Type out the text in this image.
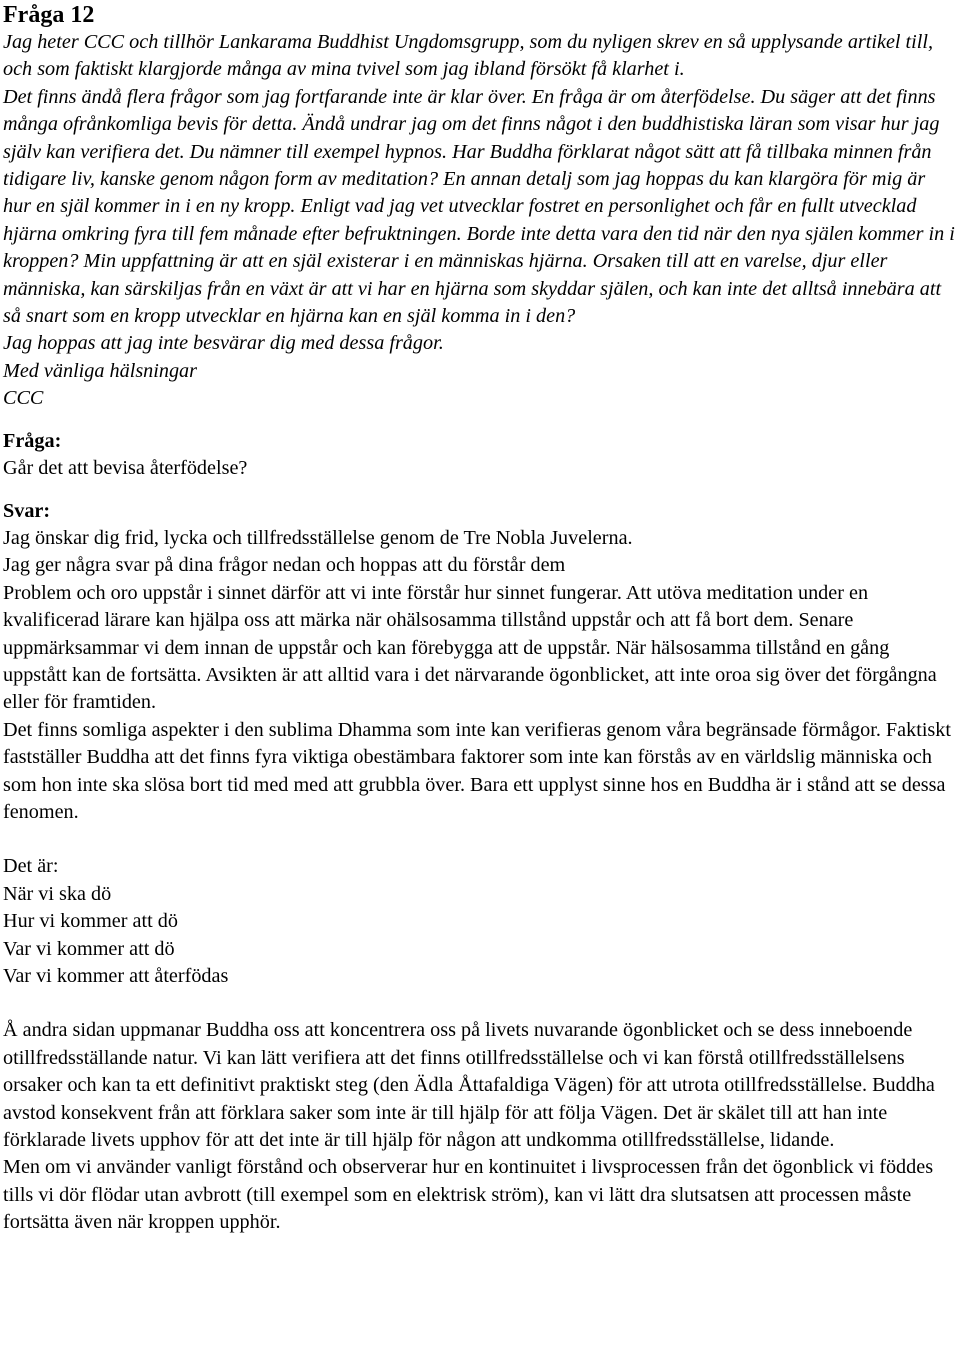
Fråga 12

Jag heter CCC och tillhör Lankarama Buddhist Ungdomsgrupp, som du nyligen skrev en så upplysande artikel till, och som faktiskt klargjorde många av mina tvivel som jag ibland försökt få klarhet i.

Det finns ändå flera frågor som jag fortfarande inte är klar över. En fråga är om återfödelse. Du säger att det finns många ofrånkomliga bevis för detta. Ändå undrar jag om det finns något i den buddhistiska läran som visar hur jag själv kan verifiera det. Du nämner till exempel hypnos. Har Buddha förklarat något sätt att få tillbaka minnen från tidigare liv, kanske genom någon form av meditation? En annan detalj som jag hoppas du kan klargöra för mig är hur en själ kommer in i en ny kropp. Enligt vad jag vet utvecklar fostret en personlighet och får en fullt utvecklad hjärna omkring fyra till fem månade efter befruktningen. Borde inte detta vara den tid när den nya själen kommer in i kroppen? Min uppfattning är att en själ existerar i en människas hjärna. Orsaken till att en varelse, djur eller människa, kan särskiljas från en växt är att vi har en hjärna som skyddar själen, och kan inte det alltså innebära att så snart som en kropp utvecklar en hjärna kan en själ komma in i den?

Jag hoppas att jag inte besvärar dig med dessa frågor.

Med vänliga hälsningar

CCC

Fråga:

Går det att bevisa återfödelse?

Svar:

Jag önskar dig frid, lycka och tillfredsställelse genom de Tre Nobla Juvelerna.

Jag ger några svar på dina frågor nedan och hoppas att du förstår dem

Problem och oro uppstår i sinnet därför att vi inte förstår hur sinnet fungerar. Att utöva meditation under en kvalificerad lärare kan hjälpa oss att märka när ohälsosamma tillstånd uppstår och att få bort dem. Senare uppmärksammar vi dem innan de uppstår och kan förebygga att de uppstår. När hälsosamma tillstånd en gång uppstått kan de fortsätta. Avsikten är att alltid vara i det närvarande ögonblicket, att inte oroa sig över det förgångna eller för framtiden.

Det finns somliga aspekter i den sublima Dhamma som inte kan verifieras genom våra begränsade förmågor. Faktiskt fastställer Buddha att det finns fyra viktiga obestämbara faktorer som inte kan förstås av en världslig människa och som hon inte ska slösa bort tid med med att grubbla över. Bara ett upplyst sinne hos en Buddha är i stånd att se dessa fenomen.

Det är:

När vi ska dö

Hur vi kommer att dö

Var vi kommer att dö

Var vi kommer att återfödas

Å andra sidan uppmanar Buddha oss att koncentrera oss på livets nuvarande ögonblicket och se dess inneboende otillfredsställande natur. Vi kan lätt verifiera att det finns otillfredsställelse och vi kan förstå otillfredsställelsens orsaker och kan ta ett definitivt praktiskt steg (den Ädla Åttafaldiga Vägen) för att utrota otillfredsställelse. Buddha avstod konsekvent från att förklara saker som inte är till hjälp för att följa Vägen. Det är skälet till att han inte förklarade livets upphov för att det inte är till hjälp för någon att undkomma otillfredsställelse, lidande.

Men om vi använder vanligt förstånd och observerar hur en kontinuitet i livsprocessen från det ögonblick vi föddes tills vi dör flödar utan avbrott (till exempel som en elektrisk ström), kan vi lätt dra slutsatsen att processen måste fortsätta även när kroppen upphör.
